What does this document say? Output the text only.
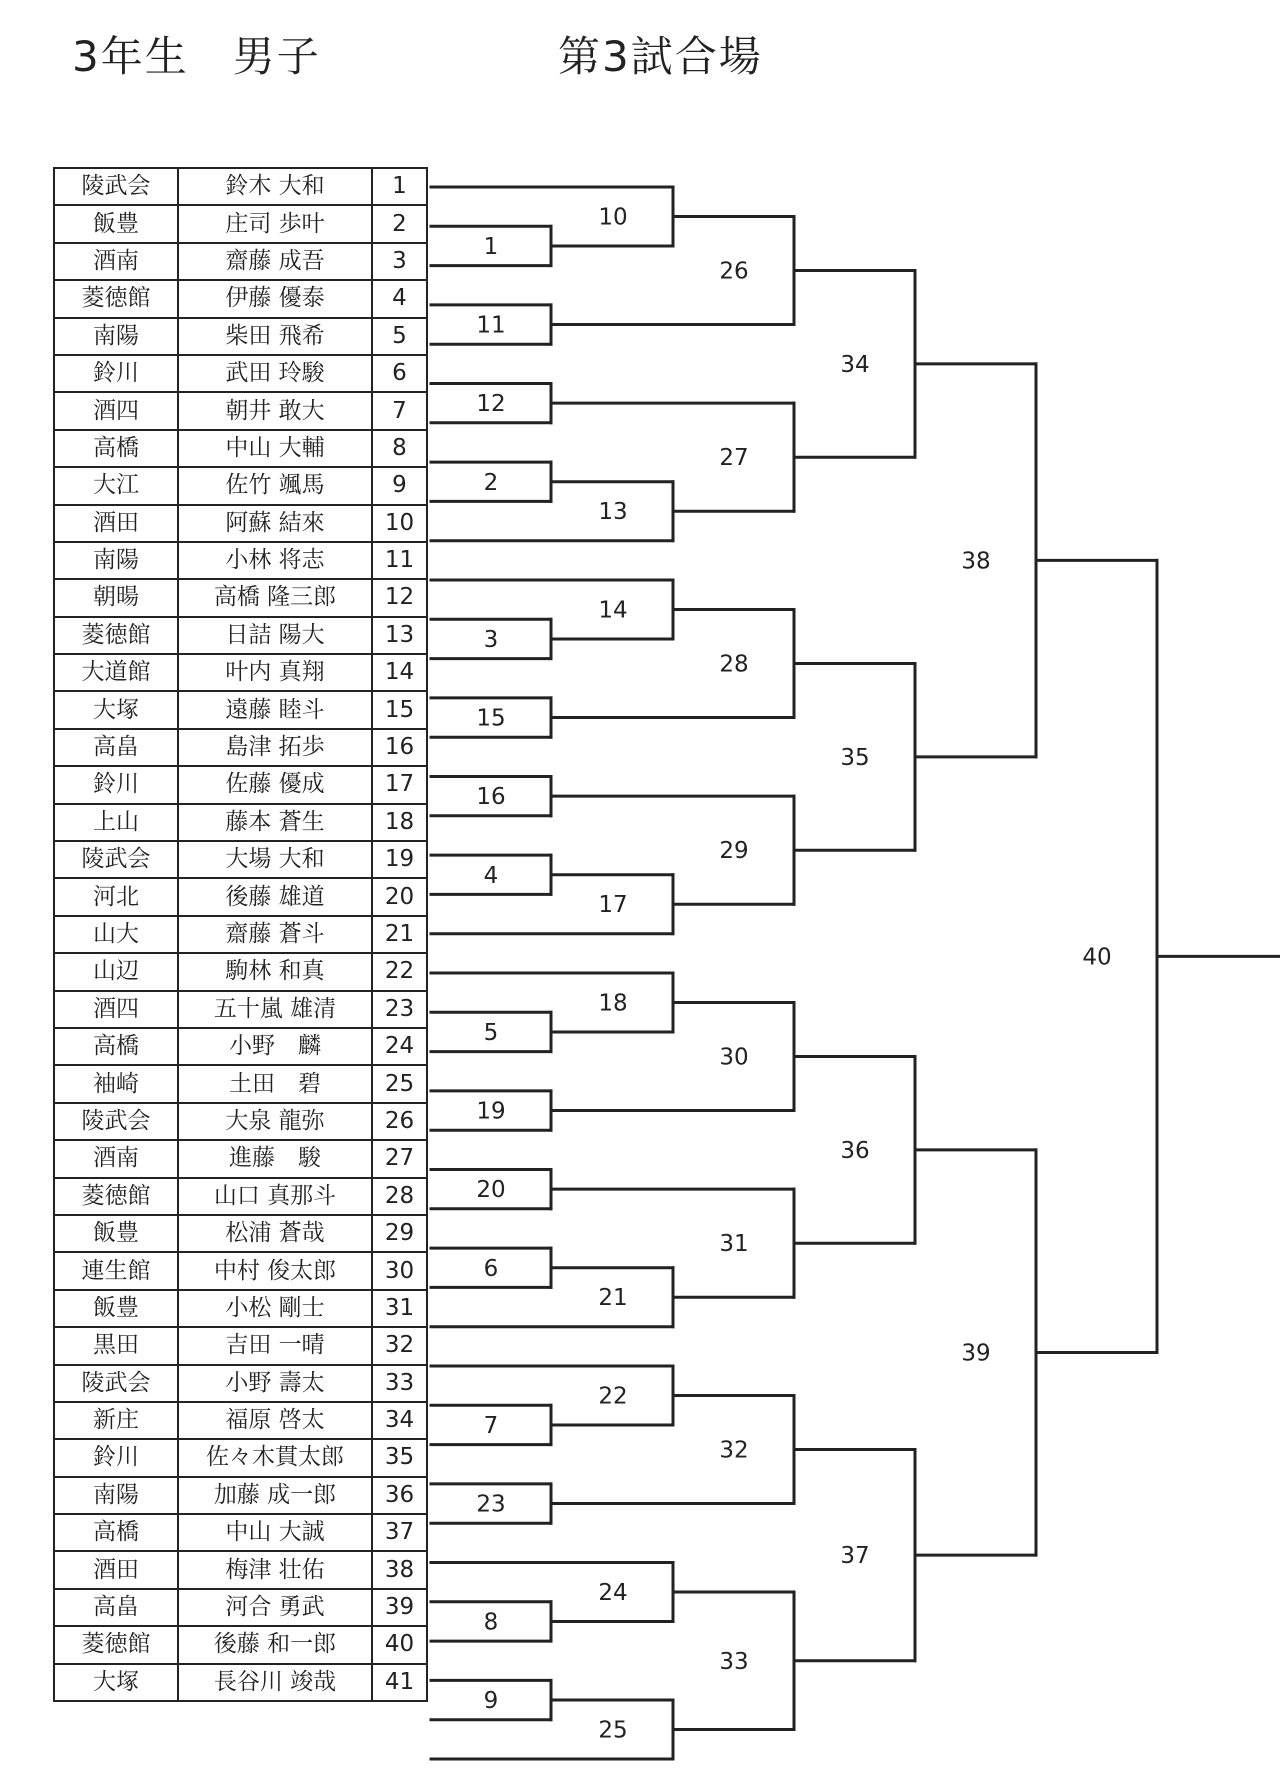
3年生　男子	第3試合場
陵武会	鈴木 大和	1
飯豊	庄司 歩叶	2
酒南	齋藤 成吾	3
菱徳館	伊藤 優泰	4
南陽	柴田 飛希	5
鈴川	武田 玲駿	6
酒四	朝井 敢大	7
高橋	中山 大輔	8
大江	佐竹 颯馬	9
酒田	阿蘇 結來	10
南陽	小林 将志	11
朝暘	高橋 隆三郎	12
菱徳館	日詰 陽大	13
大道館	叶内 真翔	14
大塚	遠藤 睦斗	15
高畠	島津 拓歩	16
鈴川	佐藤 優成	17
上山	藤本 蒼生	18
陵武会	大場 大和	19
河北	後藤 雄道	20
山大	齋藤 蒼斗	21
山辺	駒林 和真	22
酒四	五十嵐 雄清	23
高橋	小野　麟	24
袖崎	土田　碧	25
陵武会	大泉 龍弥	26
酒南	進藤　駿	27
菱徳館	山口 真那斗	28
飯豊	松浦 蒼哉	29
連生館	中村 俊太郎	30
飯豊	小松 剛士	31
黒田	吉田 一晴	32
陵武会	小野 壽太	33
新庄	福原 啓太	34
鈴川	佐々木貫太郎	35
南陽	加藤 成一郎	36
高橋	中山 大誠	37
酒田	梅津 壮佑	38
高畠	河合 勇武	39
菱徳館	後藤 和一郎	40
大塚	長谷川 竣哉	41
1
2
3
4
5
6
7
8
9
10
11
12
13
14
15
16
17
18
19
20
21
22
23
24
25
26
27
28
29
30
31
32
33
34
35
36
37
38
39
40
